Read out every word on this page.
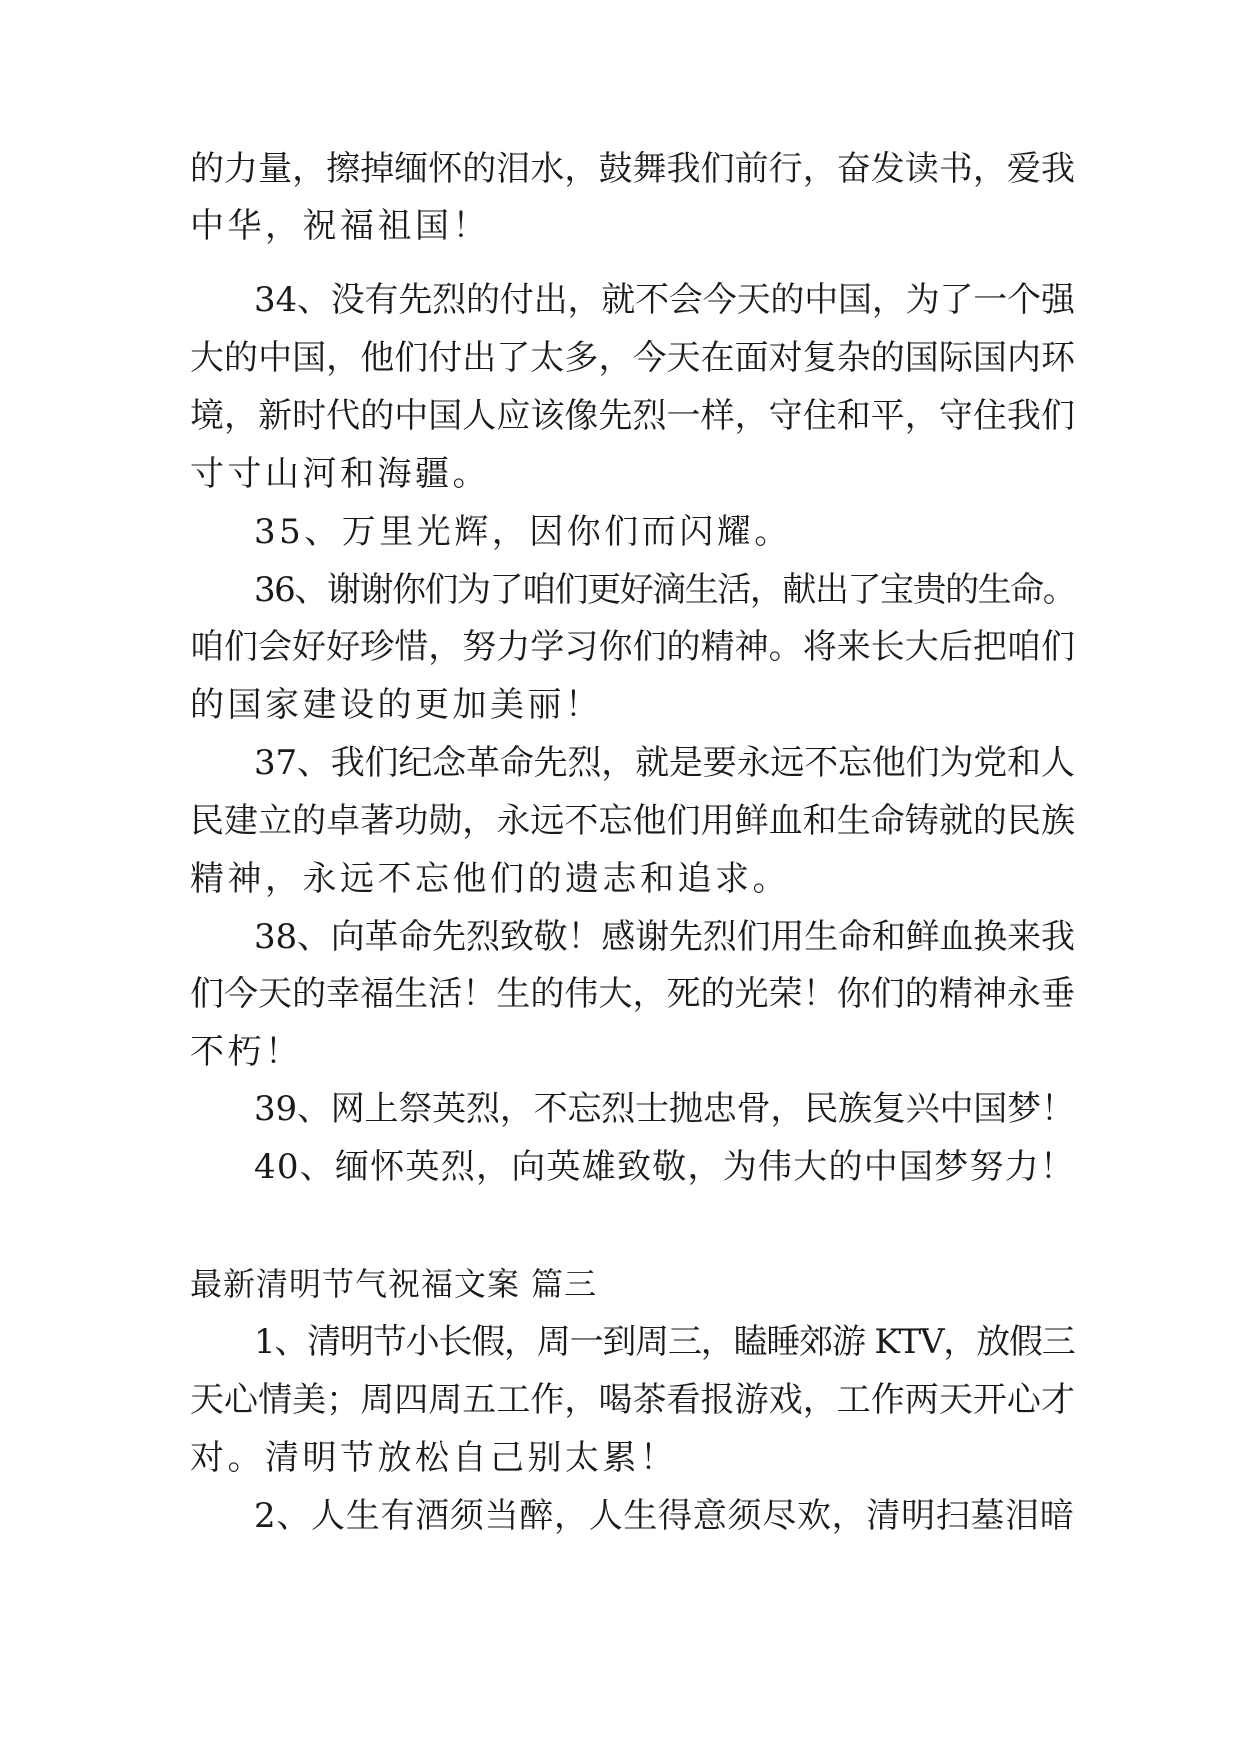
的力量，擦掉缅怀的泪水，鼓舞我们前行，奋发读书，爱我
中华，祝福祖国！
34、没有先烈的付出，就不会今天的中国，为了一个强
大的中国，他们付出了太多，今天在面对复杂的国际国内环
境，新时代的中国人应该像先烈一样，守住和平，守住我们
寸寸山河和海疆。
35、万里光辉，因你们而闪耀。
36、谢谢你们为了咱们更好滴生活，献出了宝贵的生命。
咱们会好好珍惜，努力学习你们的精神。将来长大后把咱们
的国家建设的更加美丽！
37、我们纪念革命先烈，就是要永远不忘他们为党和人
民建立的卓著功勋，永远不忘他们用鲜血和生命铸就的民族
精神，永远不忘他们的遗志和追求。
38、向革命先烈致敬！感谢先烈们用生命和鲜血换来我
们今天的幸福生活！生的伟大，死的光荣！你们的精神永垂
不朽！
39、网上祭英烈，不忘烈士抛忠骨，民族复兴中国梦！
40、缅怀英烈，向英雄致敬，为伟大的中国梦努力！
最新清明节气祝福文案 篇三
1、清明节小长假，周一到周三，瞌睡郊游 KTV，放假三
天心情美；周四周五工作，喝茶看报游戏，工作两天开心才
对。清明节放松自己别太累！
2、人生有酒须当醉，人生得意须尽欢，清明扫墓泪暗
